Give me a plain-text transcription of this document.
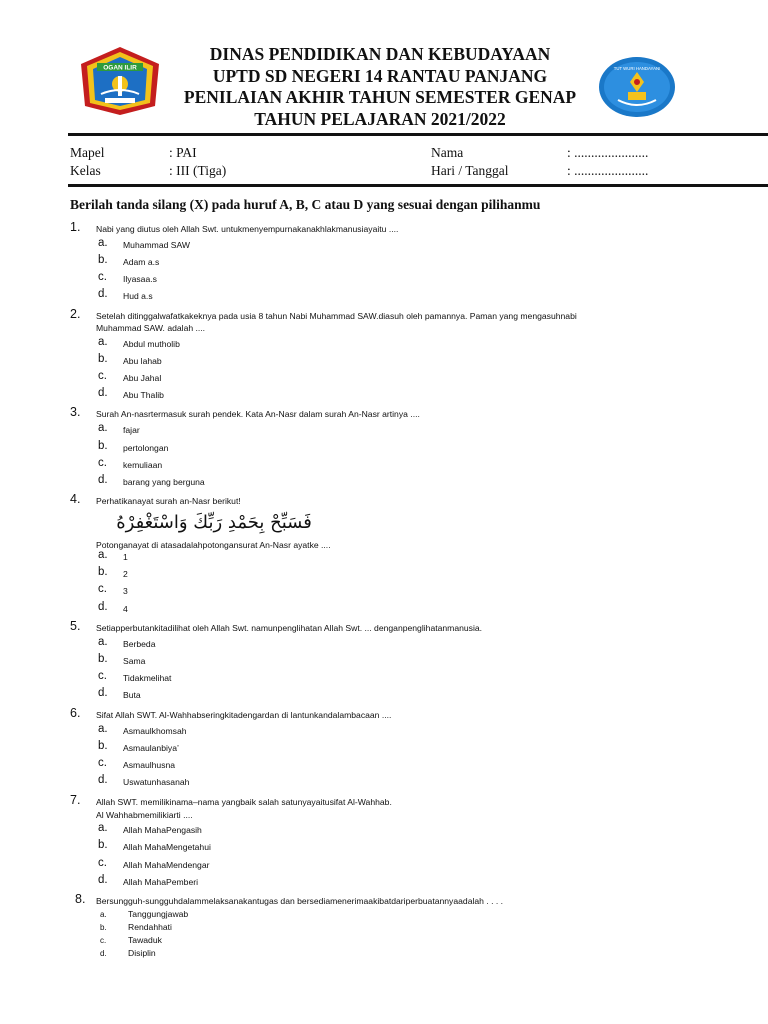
OGAN ILIR
DINAS PENDIDIKAN DAN KEBUDAYAAN
UPTD SD NEGERI 14 RANTAU PANJANG
PENILAIAN AKHIR TAHUN SEMESTER GENAP
TAHUN PELAJARAN 2021/2022
TUT WURI HANDAYANI
Mapel	: PAI	Nama	: ......................
Kelas	: III (Tiga)	Hari / Tanggal	: ......................
Berilah tanda silang (X) pada huruf A, B, C atau D yang sesuai dengan pilihanmu
1. Nabi yang diutus oleh Allah Swt. untukmenyempurnakanakhlakmanusiayaitu ....
a. Muhammad SAW
b. Adam a.s
c. Ilyasaa.s
d. Hud a.s
2. Setelah ditinggalwafatkakeknya pada usia 8 tahun Nabi Muhammad SAW.diasuh oleh pamannya. Paman yang mengasuhnabi
Muhammad SAW. adalah ....
a. Abdul mutholib
b. Abu lahab
c. Abu Jahal
d. Abu Thalib
3. Surah An-nasrtermasuk surah pendek. Kata An-Nasr dalam surah An-Nasr artinya ....
a. fajar
b. pertolongan
c. kemuliaan
d. barang yang berguna
4. Perhatikanayat surah an-Nasr berikut!
فَسَبِّحْ بِحَمْدِ رَبِّكَ وَاسْتَغْفِرْهُ
Potonganayat di atasadalahpotongansurat An-Nasr ayatke ....
a. 1
b. 2
c. 3
d. 4
5. Setiapperbutankitadilihat oleh Allah Swt. namunpenglihatan Allah Swt. ... denganpenglihatanmanusia.
a. Berbeda
b. Sama
c. Tidakmelihat
d. Buta
6. Sifat Allah SWT. Al-Wahhabseringkitadengardan di lantunkandalambacaan ....
a. Asmaulkhomsah
b. Asmaulanbiya’
c. Asmaulhusna
d. Uswatunhasanah
7. Allah SWT. memilikinama–nama yangbaik salah satunyayaitusifat Al-Wahhab.
Al Wahhabmemilikiarti ....
a. Allah MahaPengasih
b. Allah MahaMengetahui
c. Allah MahaMendengar
d. Allah MahaPemberi
8. Bersungguh-sungguhdalammelaksanakantugas dan bersediamenerimaakibatdariperbuatannyaadalah . . . .
a. Tanggungjawab
b. Rendahhati
c.	Tawaduk
d. Disiplin
